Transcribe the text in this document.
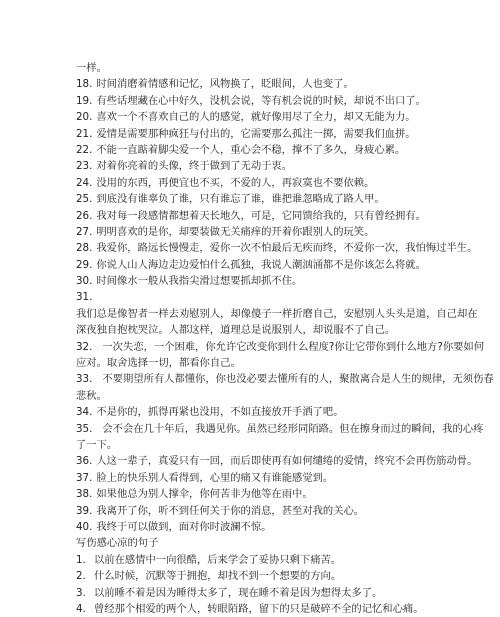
一样。
18. 时间消磨着情感和记忆，风物换了，眨眼间，人也变了。
19. 有些话埋藏在心中好久，没机会说，等有机会说的时候，却说不出口了。
20. 喜欢一个不喜欢自己的人的感觉，就好像用尽了全力，却又无能为力。
21. 爱情是需要那种疯狂与付出的，它需要那么孤注一掷，需要我们血拼。
22. 不能一直踮着脚尖爱一个人，重心会不稳，撑不了多久，身疲心累。
23. 对着你亮着的头像，终于做到了无动于衷。
24. 没用的东西，再便宜也不买，不爱的人，再寂寞也不要依赖。
25. 到底没有谁辜负了谁，只有谁忘了谁，谁把谁忽略成了路人甲。
26. 我对每一段感情都想着天长地久，可是，它同馈给我的，只有曾经拥有。
27. 明明喜欢的是你，却要装做无关痛痒的开着你跟别人的玩笑。
28. 我爱你，路远长慢慢走，爱你一次不怕最后无疾而终，不爱你一次，我怕悔过半生。
29. 你说人山人海边走边爱怕什么孤独，我说人潮汹涌都不是你该怎么将就。
30. 时间像水一般从我指尖滑过想要抓却抓不住。
31.
我们总是像智者一样去劝慰别人，却像傻子一样折磨自己，安慰别人头头是道，自己却在
深夜独自抱枕哭泣。人都这样，道理总是说服别人，却说服不了自己。
32. 一次失恋，一个困难，你允许它改变你到什么程度?你让它带你到什么地方?你要如何
应对。取舍选择一切，都看你自己。
33. 不要期望所有人都懂你，你也没必要去懂所有的人，聚散离合是人生的规律，无须伤春
悲秋。
34. 不是你的，抓得再紧也没用，不如直接放开手洒了吧。
35. 会不会在几十年后，我遇见你。虽然已经形同陌路。但在擦身而过的瞬间，我的心疼
了一下。
36. 人这一辈子，真爱只有一回，而后即使再有如何缱绻的爱情，终究不会再伤筋动骨。
37. 脸上的快乐别人看得到，心里的痛又有谁能感觉到。
38. 如果他总为别人撑伞，你何苦非为他等在雨中。
39. 我离开了你，听不到任何关于你的消息，甚至对我的关心。
40. 我终于可以做到，面对你时波澜不惊。
写伤感心凉的句子
1. 以前在感情中一向很酷，后来学会了妥协只剩下痛苦。
2. 什么时候，沉默等于拥抱，却找不到一个想要的方向。
3. 以前睡不着是因为睡得太多了，现在睡不着是因为想得太多了。
4. 曾经那个相爱的两个人，转眼陌路，留下的只是破碎不全的记忆和心痛。
